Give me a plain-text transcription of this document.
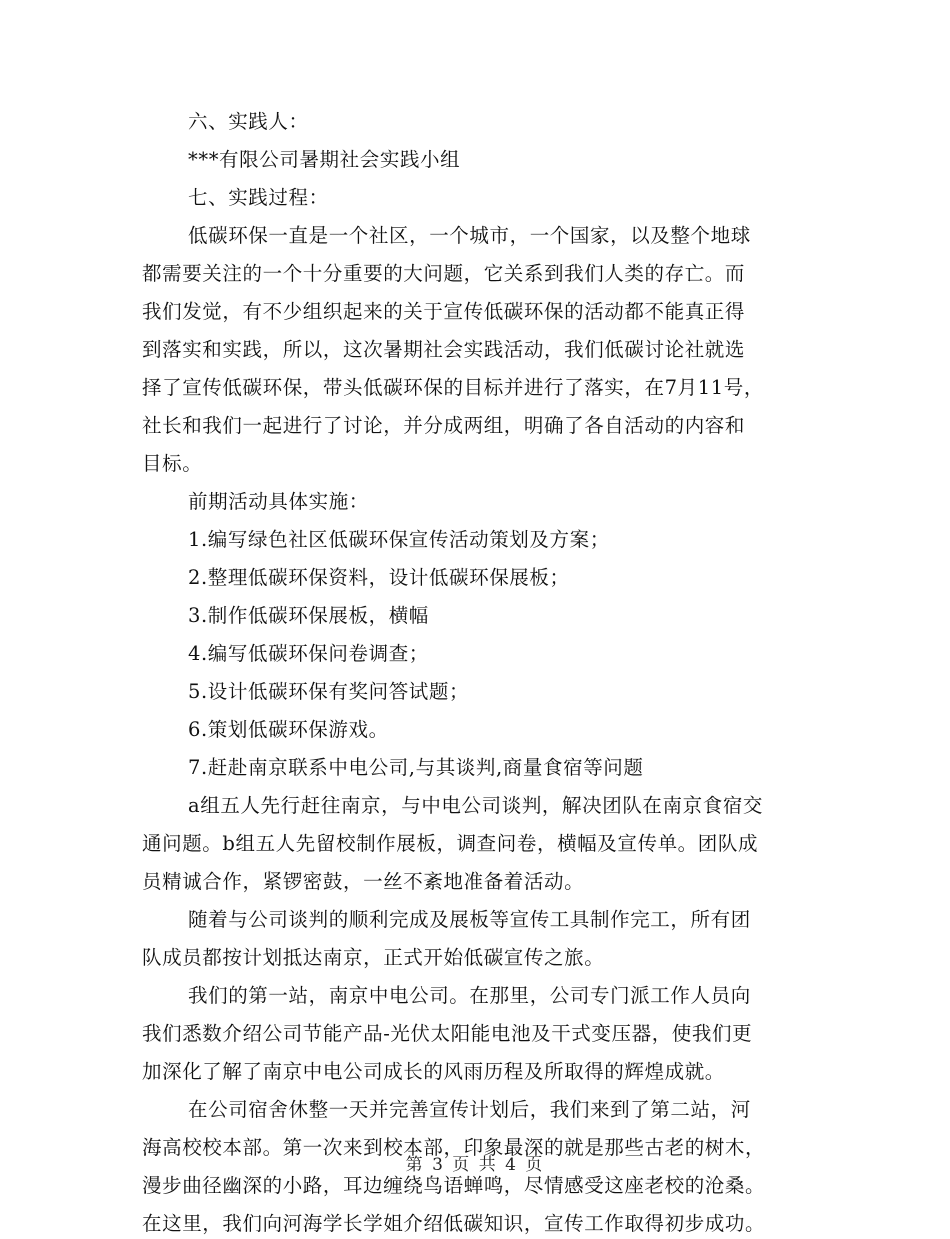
六、实践人：
***有限公司暑期社会实践小组
七、实践过程：
低碳环保一直是一个社区，一个城市，一个国家，以及整个地球
都需要关注的一个十分重要的大问题，它关系到我们人类的存亡。而
我们发觉，有不少组织起来的关于宣传低碳环保的活动都不能真正得
到落实和实践，所以，这次暑期社会实践活动，我们低碳讨论社就选
择了宣传低碳环保，带头低碳环保的目标并进行了落实，在7月11号，
社长和我们一起进行了讨论，并分成两组，明确了各自活动的内容和
目标。
前期活动具体实施：
1.编写绿色社区低碳环保宣传活动策划及方案；
2.整理低碳环保资料，设计低碳环保展板；
3.制作低碳环保展板，横幅
4.编写低碳环保问卷调查；
5.设计低碳环保有奖问答试题；
6.策划低碳环保游戏。
7.赶赴南京联系中电公司,与其谈判,商量食宿等问题
a组五人先行赶往南京，与中电公司谈判，解决团队在南京食宿交
通问题。b组五人先留校制作展板，调查问卷，横幅及宣传单。团队成
员精诚合作，紧锣密鼓，一丝不紊地准备着活动。
随着与公司谈判的顺利完成及展板等宣传工具制作完工，所有团
队成员都按计划抵达南京，正式开始低碳宣传之旅。
我们的第一站，南京中电公司。在那里，公司专门派工作人员向
我们悉数介绍公司节能产品-光伏太阳能电池及干式变压器，使我们更
加深化了解了南京中电公司成长的风雨历程及所取得的辉煌成就。
在公司宿舍休整一天并完善宣传计划后，我们来到了第二站，河
海高校校本部。第一次来到校本部，印象最深的就是那些古老的树木，
漫步曲径幽深的小路，耳边缠绕鸟语蝉鸣，尽情感受这座老校的沧桑。
在这里，我们向河海学长学姐介绍低碳知识，宣传工作取得初步成功。
第 3 页 共 4 页
